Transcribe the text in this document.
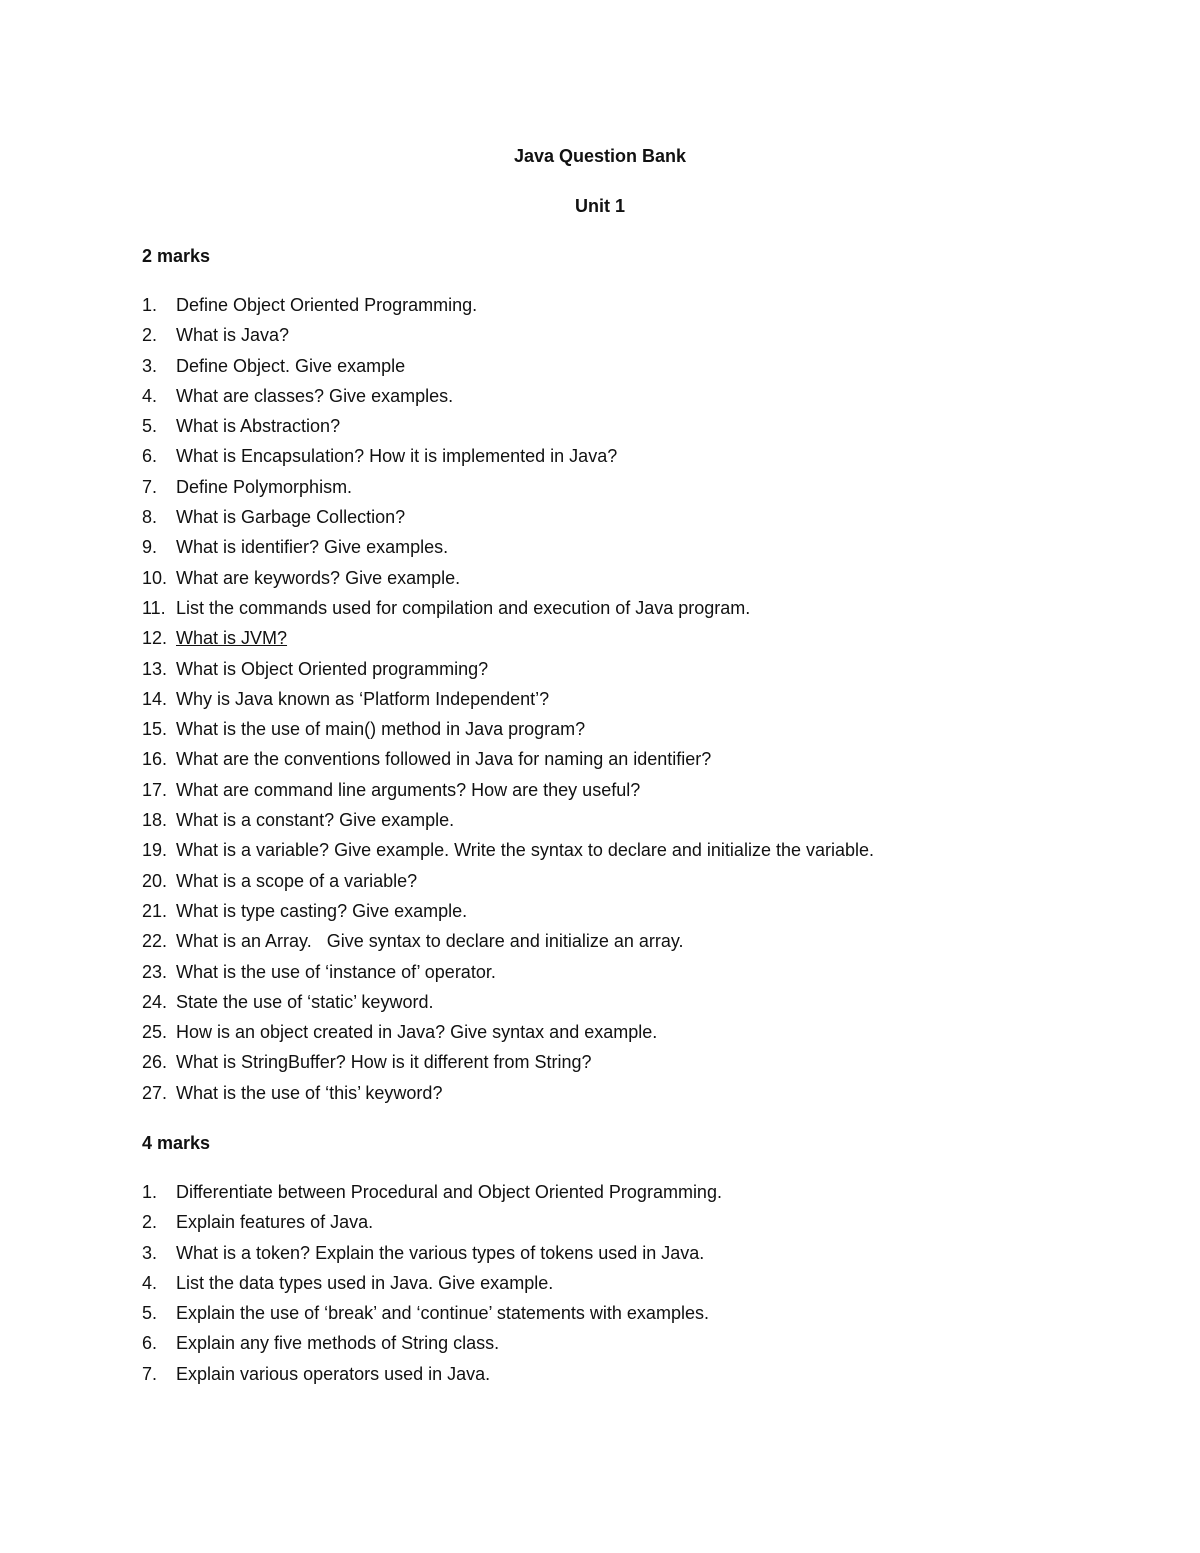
Java Question Bank
Unit 1
2 marks
1. Define Object Oriented Programming.
2. What is Java?
3. Define Object. Give example
4. What are classes? Give examples.
5. What is Abstraction?
6. What is Encapsulation? How it is implemented in Java?
7. Define Polymorphism.
8. What is Garbage Collection?
9. What is identifier? Give examples.
10. What are keywords? Give example.
11. List the commands used for compilation and execution of Java program.
12. What is JVM?
13. What is Object Oriented programming?
14. Why is Java known as ‘Platform Independent’?
15. What is the use of main() method in Java program?
16. What are the conventions followed in Java for naming an identifier?
17. What are command line arguments? How are they useful?
18. What is a constant? Give example.
19. What is a variable? Give example. Write the syntax to declare and initialize the variable.
20. What is a scope of a variable?
21. What is type casting? Give example.
22. What is an Array.   Give syntax to declare and initialize an array.
23. What is the use of ‘instance of’ operator.
24. State the use of ‘static’ keyword.
25. How is an object created in Java? Give syntax and example.
26. What is StringBuffer? How is it different from String?
27. What is the use of ‘this’ keyword?
4 marks
1. Differentiate between Procedural and Object Oriented Programming.
2. Explain features of Java.
3. What is a token? Explain the various types of tokens used in Java.
4. List the data types used in Java. Give example.
5. Explain the use of ‘break’ and ‘continue’ statements with examples.
6. Explain any five methods of String class.
7. Explain various operators used in Java.
